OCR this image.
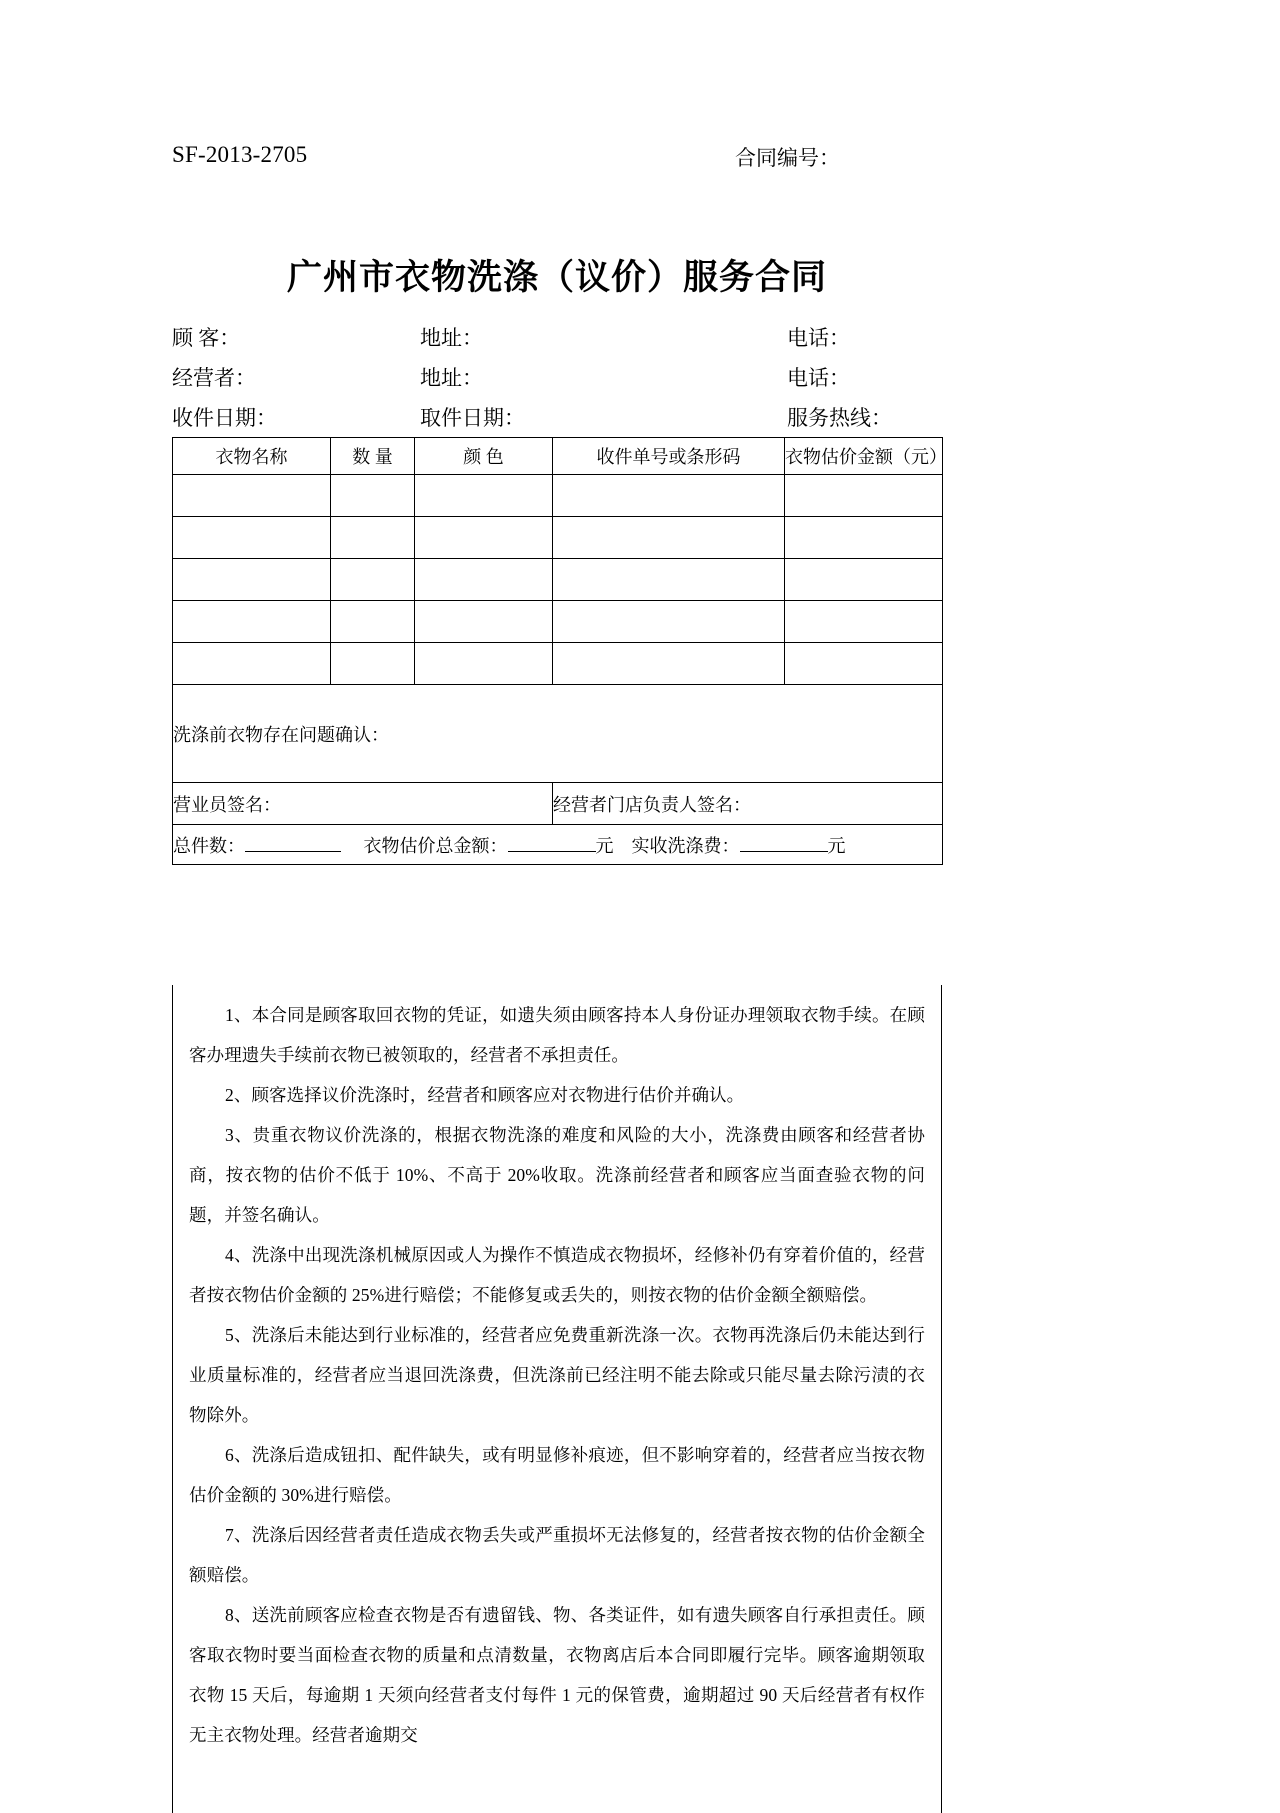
SF-2013-2705	合同编号：
广州市衣物洗涤（议价）服务合同
顾 客：	地址：	电话：
经营者：	地址：	电话：
收件日期：	取件日期：	服务热线：
衣物名称	数 量	颜 色	收件单号或条形码	衣物估价金额（元）

洗涤前衣物存在问题确认：				
营业员签名：			经营者门店负责人签名：	
总件数： 衣物估价总金额： 元 实收洗涤费： 元				

1、本合同是顾客取回衣物的凭证，如遗失须由顾客持本人身份证办理领取衣物手续。在顾客办理遗失手续前衣物已被领取的，经营者不承担责任。

2、顾客选择议价洗涤时，经营者和顾客应对衣物进行估价并确认。

3、贵重衣物议价洗涤的，根据衣物洗涤的难度和风险的大小，洗涤费由顾客和经营者协商，按衣物的估价不低于 10%、不高于 20%收取。洗涤前经营者和顾客应当面查验衣物的问题，并签名确认。

4、洗涤中出现洗涤机械原因或人为操作不慎造成衣物损坏，经修补仍有穿着价值的，经营者按衣物估价金额的 25%进行赔偿；不能修复或丢失的，则按衣物的估价金额全额赔偿。

5、洗涤后未能达到行业标准的，经营者应免费重新洗涤一次。衣物再洗涤后仍未能达到行业质量标准的，经营者应当退回洗涤费，但洗涤前已经注明不能去除或只能尽量去除污渍的衣物除外。

6、洗涤后造成钮扣、配件缺失，或有明显修补痕迹，但不影响穿着的，经营者应当按衣物估价金额的 30%进行赔偿。

7、洗涤后因经营者责任造成衣物丢失或严重损坏无法修复的，经营者按衣物的估价金额全额赔偿。

8、送洗前顾客应检查衣物是否有遗留钱、物、各类证件，如有遗失顾客自行承担责任。顾客取衣物时要当面检查衣物的质量和点清数量，衣物离店后本合同即履行完毕。顾客逾期领取衣物 15 天后，每逾期 1 天须向经营者支付每件 1 元的保管费，逾期超过 90 天后经营者有权作无主衣物处理。经营者逾期交
